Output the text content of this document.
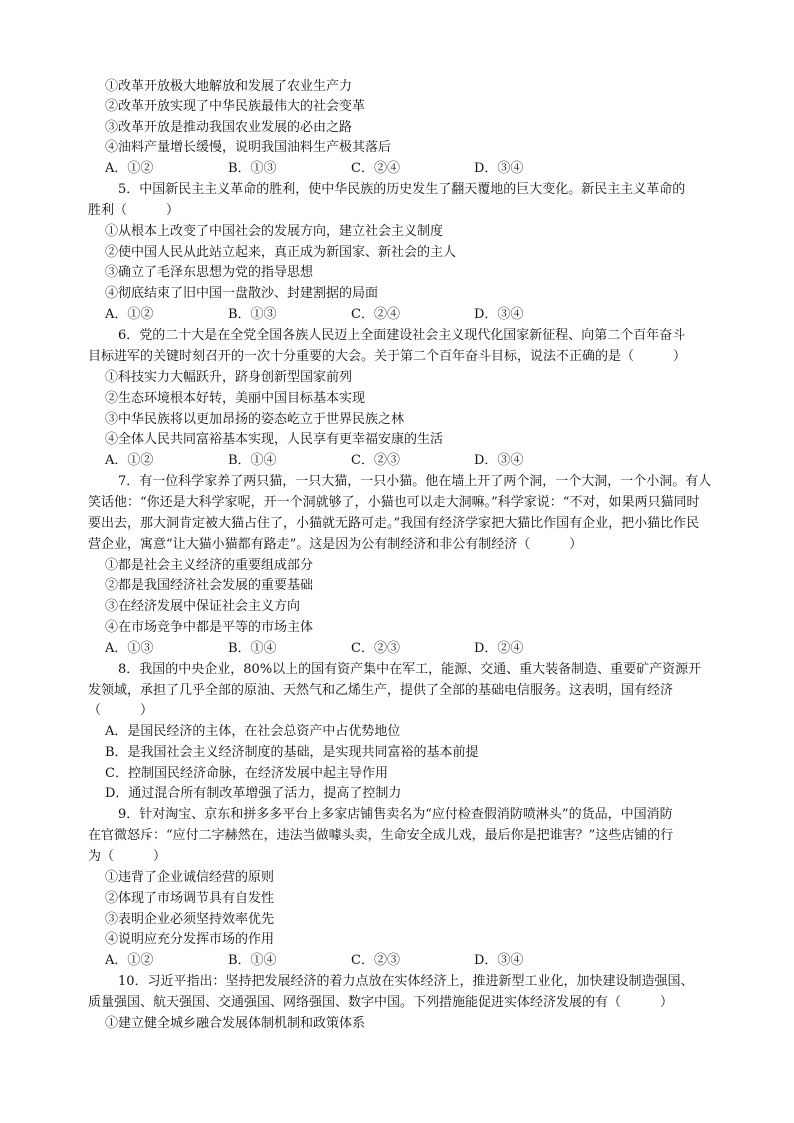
①改革开放极大地解放和发展了农业生产力
②改革开放实现了中华民族最伟大的社会变革
③改革开放是推动我国农业发展的必由之路
④油料产量增长缓慢，说明我国油料生产极其落后
A．①②	B．①③	C．②④	D．③④
5．中国新民主主义革命的胜利，使中华民族的历史发生了翻天覆地的巨大变化。新民主主义革命的
胜利（　　　）
①从根本上改变了中国社会的发展方向，建立社会主义制度
②使中国人民从此站立起来，真正成为新国家、新社会的主人
③确立了毛泽东思想为党的指导思想
④彻底结束了旧中国一盘散沙、封建割据的局面
A．①②	B．①③	C．②④	D．③④
6．党的二十大是在全党全国各族人民迈上全面建设社会主义现代化国家新征程、向第二个百年奋斗
目标进军的关键时刻召开的一次十分重要的大会。关于第二个百年奋斗目标，说法不正确的是（　　　）
①科技实力大幅跃升，跻身创新型国家前列
②生态环境根本好转，美丽中国目标基本实现
③中华民族将以更加昂扬的姿态屹立于世界民族之林
④全体人民共同富裕基本实现，人民享有更幸福安康的生活
A．①②	B．①④	C．②③	D．③④
7．有一位科学家养了两只猫，一只大猫，一只小猫。他在墙上开了两个洞，一个大洞，一个小洞。有人
笑话他：“你还是大科学家呢，开一个洞就够了，小猫也可以走大洞嘛。”科学家说：“不对，如果两只猫同时
要出去，那大洞肯定被大猫占住了，小猫就无路可走。”我国有经济学家把大猫比作国有企业，把小猫比作民
营企业，寓意“让大猫小猫都有路走”。这是因为公有制经济和非公有制经济（　　　）
①都是社会主义经济的重要组成部分
②都是我国经济社会发展的重要基础
③在经济发展中保证社会主义方向
④在市场竞争中都是平等的市场主体
A．①③	B．①④	C．②③	D．②④
8．我国的中央企业，80%以上的国有资产集中在军工，能源、交通、重大装备制造、重要矿产资源开
发领域，承担了几乎全部的原油、天然气和乙烯生产，提供了全部的基础电信服务。这表明，国有经济
（　　　）
A．是国民经济的主体，在社会总资产中占优势地位
B．是我国社会主义经济制度的基础，是实现共同富裕的基本前提
C．控制国民经济命脉，在经济发展中起主导作用
D．通过混合所有制改革增强了活力，提高了控制力
9．针对淘宝、京东和拼多多平台上多家店铺售卖名为“应付检查假消防喷淋头”的货品，中国消防
在官微怒斥：“应付二字赫然在，违法当做噱头卖，生命安全成儿戏，最后你是把谁害？”这些店铺的行
为（　　　）
①违背了企业诚信经营的原则
②体现了市场调节具有自发性
③表明企业必须坚持效率优先
④说明应充分发挥市场的作用
A．①②	B．①④	C．②③	D．③④
10．习近平指出：坚持把发展经济的着力点放在实体经济上，推进新型工业化，加快建设制造强国、
质量强国、航天强国、交通强国、网络强国、数字中国。下列措施能促进实体经济发展的有（　　　）
①建立健全城乡融合发展体制机制和政策体系
